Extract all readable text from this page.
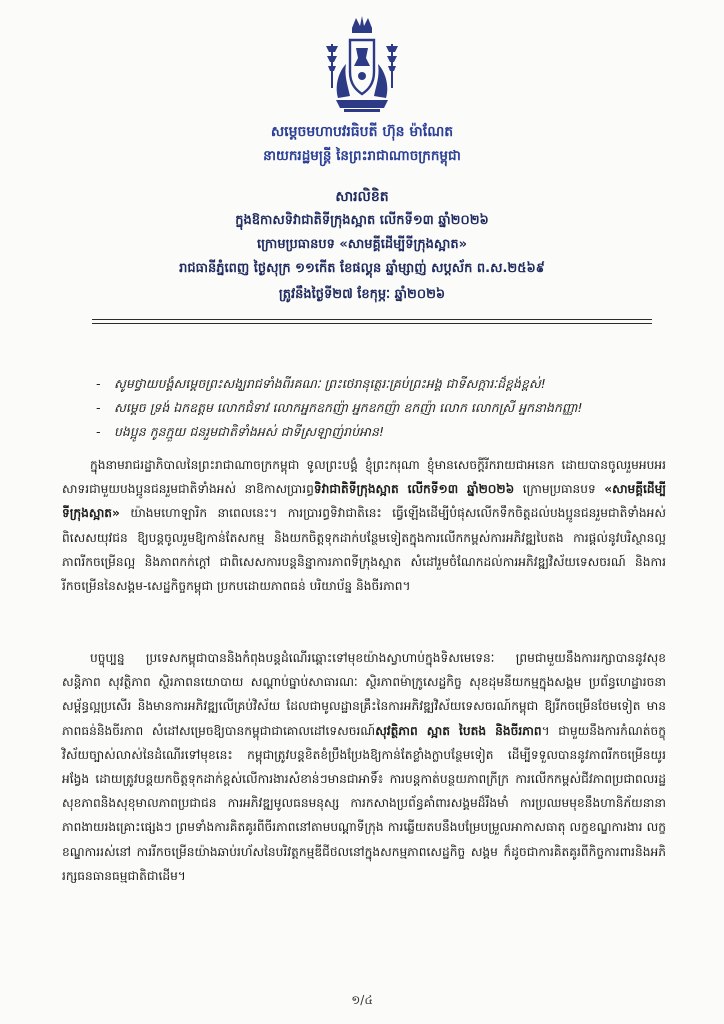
សម្តេចមហាបវរធិបតី ហ៊ុន ម៉ាណែត
នាយករដ្ឋមន្ត្រី នៃព្រះរាជាណាចក្រកម្ពុជា
សារលិខិត
ក្នុងឱកាសទិវាជាតិទីក្រុងស្អាត លើកទី១៣ ឆ្នាំ២០២៦
ក្រោមប្រធានបទ «សាមគ្គីដើម្បីទីក្រុងស្អាត»
រាជធានីភ្នំពេញ ថ្ងៃសុក្រ ១១កើត ខែផល្គុន ឆ្នាំម្សាញ់ សប្តស័ក ព.ស.២៥៦៩
ត្រូវនឹងថ្ងៃទី២៧ ខែកុម្ភៈ ឆ្នាំ២០២៦
-	សូមថ្វាយបង្គំសម្តេចព្រះសង្ឃរាជទាំងពីរគណៈ ព្រះថេរានុត្ថេរៈគ្រប់ព្រះអង្គ ជាទីសក្ការៈដ៏ខ្ពង់ខ្ពស់!
-	សម្តេច ទ្រង់ ឯកឧត្តម លោកជំទាវ លោកអ្នកឧកញ៉ា អ្នកឧកញ៉ា ឧកញ៉ា លោក លោកស្រី អ្នកនាងកញ្ញា!
-	បងប្អូន កូនក្មួយ ជនរួមជាតិទាំងអស់ ជាទីស្រឡាញ់រាប់អាន!
ក្នុងនាមរាជរដ្ឋាភិបាលនៃព្រះរាជាណាចក្រកម្ពុជា ទូលព្រះបង្គំ ខ្ញុំព្រះករុណា ខ្ញុំមានសេចក្តីរីករាយជាអនេក ដោយបានចូលរួមអបអរសាទរជាមួយបងប្អូនជនរួមជាតិទាំងអស់ នាឱកាសប្រារព្ធទិវាជាតិទីក្រុងស្អាត លើកទី១៣ ឆ្នាំ២០២៦ ក្រោមប្រធានបទ «សាមគ្គីដើម្បីទីក្រុងស្អាត» យ៉ាងមហោឡារិក នាពេលនេះ។ ការប្រារព្ធទិវាជាតិនេះ ធ្វើឡើងដើម្បីបំផុសលើកទឹកចិត្តដល់បងប្អូនជនរួមជាតិទាំងអស់ ពិសេសយុវជន ឱ្យបន្តចូលរួមឱ្យកាន់តែសកម្ម និងយកចិត្តទុកដាក់បន្ថែមទៀតក្នុងការលើកកម្ពស់ការអភិវឌ្ឍបៃតង ការផ្តល់នូវបរិស្ថានល្អ ភាពរីកចម្រើនល្អ និងភាពកក់ក្តៅ ជាពិសេសការបន្តនិន្នាការភាពទីក្រុងស្អាត សំដៅរួមចំណែកដល់ការអភិវឌ្ឍវិស័យទេសចរណ៍ និងការរីកចម្រើននៃសង្គម-សេដ្ឋកិច្ចកម្ពុជា ប្រកបដោយភាពធន់ បរិយាប័ន្ន និងចីរភាព។
បច្ចុប្បន្ន ប្រទេសកម្ពុជាបាននិងកំពុងបន្តដំណើរឆ្ពោះទៅមុខយ៉ាងស្វាហាប់ក្នុងទិសមេទេនៈ ព្រមជាមួយនឹងការរក្សាបាននូវសុខសន្តិភាព សុវត្ថិភាព ស្ថិរភាពនយោបាយ សណ្តាប់ធ្នាប់សាធារណៈ ស្ថិរភាពម៉ាក្រូសេដ្ឋកិច្ច សុខដុមនីយកម្មក្នុងសង្គម ប្រព័ន្ធហេដ្ឋារចនាសម្ព័ន្ធល្អប្រសើរ និងមានការអភិវឌ្ឍលើគ្រប់វិស័យ ដែលជាមូលដ្ឋានគ្រឹះនៃការអភិវឌ្ឍវិស័យទេសចរណ៍កម្ពុជា ឱ្យរីកចម្រើនថែមទៀត មានភាពធន់និងចីរភាព សំដៅសម្រេចឱ្យបានកម្ពុជាជាគោលដៅទេសចរណ៍សុវត្ថិភាព ស្អាត បៃតង និងចីរភាព។ ជាមួយនឹងការកំណត់ចក្ខុវិស័យច្បាស់លាស់នៃដំណើរទៅមុខនេះ កម្ពុជាត្រូវបន្តខិតខំប្រឹងប្រែងឱ្យកាន់តែខ្លាំងក្លាបន្ថែមទៀត ដើម្បីទទួលបាននូវភាពរីកចម្រើនយូរអង្វែង ដោយត្រូវបន្តយកចិត្តទុកដាក់ខ្ពស់លើការងារសំខាន់ៗមានជាអាទិ៍៖ ការបន្តកាត់បន្ថយភាពក្រីក្រ ការលើកកម្ពស់ជីវភាពប្រជាពលរដ្ឋ សុខភាពនិងសុខុមាលភាពប្រជាជន ការអភិវឌ្ឍមូលធនមនុស្ស ការកសាងប្រព័ន្ធគាំពារសង្គមដ៏រឹងមាំ ការប្រឈមមុខនឹងហានិភ័យនានា ភាពងាយរងគ្រោះផ្សេងៗ ព្រមទាំងការគិតគូរពីចីរភាពនៅតាមបណ្តាទីក្រុង ការឆ្លើយតបនឹងបម្រែបម្រួលអាកាសធាតុ លក្ខខណ្ឌការងារ លក្ខខណ្ឌការរស់នៅ ការរីកចម្រើនយ៉ាងឆាប់រហ័សនៃបរិវត្តកម្មឌីជីថលនៅក្នុងសកម្មភាពសេដ្ឋកិច្ច សង្គម ក៏ដូចជាការគិតគូរពីកិច្ចការពារនិងអភិរក្សធនធានធម្មជាតិជាដើម។
១/៤
